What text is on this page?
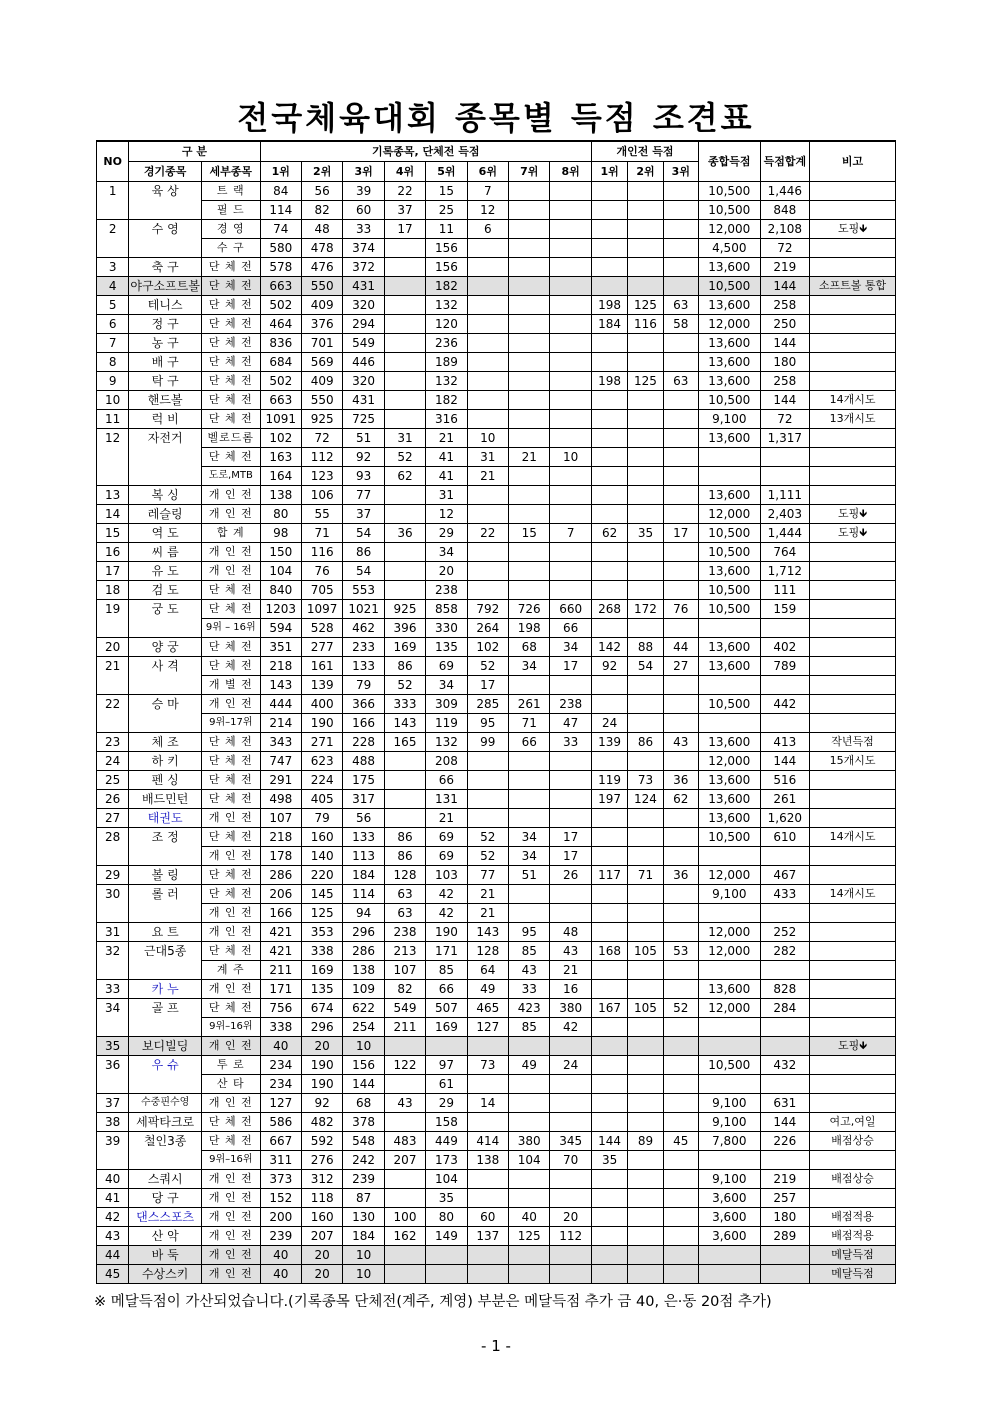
전국체육대회 종목별 득점 조견표
NO	구 분		기록종목, 단체전 득점								개인전 득점			종합득점	득점합계	비고
	경기종목	세부종목	1위	2위	3위	4위	5위	6위	7위	8위	1위	2위	3위			
1	육 상	트 랙	84	56	39	22	15	7						10,500	1,446	
		필 드	114	82	60	37	25	12						10,500	848	
2	수 영	경 영	74	48	33	17	11	6						12,000	2,108	도핑🡻
		수 구	580	478	374		156							4,500	72	
3	축 구	단 체 전	578	476	372		156							13,600	219	
4	야구소프트볼	단 체 전	663	550	431		182							10,500	144	소프트볼 통합
5	테니스	단 체 전	502	409	320		132				198	125	63	13,600	258	
6	정 구	단 체 전	464	376	294		120				184	116	58	12,000	250	
7	농 구	단 체 전	836	701	549		236							13,600	144	
8	배 구	단 체 전	684	569	446		189							13,600	180	
9	탁 구	단 체 전	502	409	320		132				198	125	63	13,600	258	
10	핸드볼	단 체 전	663	550	431		182							10,500	144	14개시도
11	럭 비	단 체 전	1091	925	725		316							9,100	72	13개시도
12	자전거	벨로드롬	102	72	51	31	21	10						13,600	1,317	
		단 체 전	163	112	92	52	41	31	21	10						
		도로,MTB	164	123	93	62	41	21								
13	복 싱	개 인 전	138	106	77		31							13,600	1,111	
14	레슬링	개 인 전	80	55	37		12							12,000	2,403	도핑🡻
15	역 도	합 계	98	71	54	36	29	22	15	7	62	35	17	10,500	1,444	도핑🡻
16	씨 름	개 인 전	150	116	86		34							10,500	764	
17	유 도	개 인 전	104	76	54		20							13,600	1,712	
18	검 도	단 체 전	840	705	553		238							10,500	111	
19	궁 도	단 체 전	1203	1097	1021	925	858	792	726	660	268	172	76	10,500	159	
		9위 – 16위	594	528	462	396	330	264	198	66						
20	양 궁	단 체 전	351	277	233	169	135	102	68	34	142	88	44	13,600	402	
21	사 격	단 체 전	218	161	133	86	69	52	34	17	92	54	27	13,600	789	
		개 별 전	143	139	79	52	34	17								
22	승 마	개 인 전	444	400	366	333	309	285	261	238				10,500	442	
		9위–17위	214	190	166	143	119	95	71	47	24					
23	체 조	단 체 전	343	271	228	165	132	99	66	33	139	86	43	13,600	413	작년득점
24	하 키	단 체 전	747	623	488		208							12,000	144	15개시도
25	펜 싱	단 체 전	291	224	175		66				119	73	36	13,600	516	
26	배드민턴	단 체 전	498	405	317		131				197	124	62	13,600	261	
27	태권도	개 인 전	107	79	56		21							13,600	1,620	
28	조 정	단 체 전	218	160	133	86	69	52	34	17				10,500	610	14개시도
		개 인 전	178	140	113	86	69	52	34	17						
29	볼 링	단 체 전	286	220	184	128	103	77	51	26	117	71	36	12,000	467	
30	롤 러	단 체 전	206	145	114	63	42	21						9,100	433	14개시도
		개 인 전	166	125	94	63	42	21								
31	요 트	개 인 전	421	353	296	238	190	143	95	48				12,000	252	
32	근대5종	단 체 전	421	338	286	213	171	128	85	43	168	105	53	12,000	282	
		계 주	211	169	138	107	85	64	43	21						
33	카 누	개 인 전	171	135	109	82	66	49	33	16				13,600	828	
34	골 프	단 체 전	756	674	622	549	507	465	423	380	167	105	52	12,000	284	
		9위–16위	338	296	254	211	169	127	85	42						
35	보디빌딩	개 인 전	40	20	10											도핑🡻
36	우 슈	투 로	234	190	156	122	97	73	49	24				10,500	432	
		산 타	234	190	144		61									
37	수중핀수영	개 인 전	127	92	68	43	29	14						9,100	631	
38	세팍타크로	단 체 전	586	482	378		158							9,100	144	여고,여일
39	철인3종	단 체 전	667	592	548	483	449	414	380	345	144	89	45	7,800	226	배점상승
		9위–16위	311	276	242	207	173	138	104	70	35					
40	스쿼시	개 인 전	373	312	239		104							9,100	219	배점상승
41	당 구	개 인 전	152	118	87		35							3,600	257	
42	댄스스포츠	개 인 전	200	160	130	100	80	60	40	20				3,600	180	배점적용
43	산 악	개 인 전	239	207	184	162	149	137	125	112				3,600	289	배점적용
44	바 둑	개 인 전	40	20	10											메달득점
45	수상스키	개 인 전	40	20	10											메달득점
※ 메달득점이 가산되었습니다.(기록종목 단체전(계주, 계영) 부분은 메달득점 추가 금 40, 은·동 20점 추가)
- 1 -
